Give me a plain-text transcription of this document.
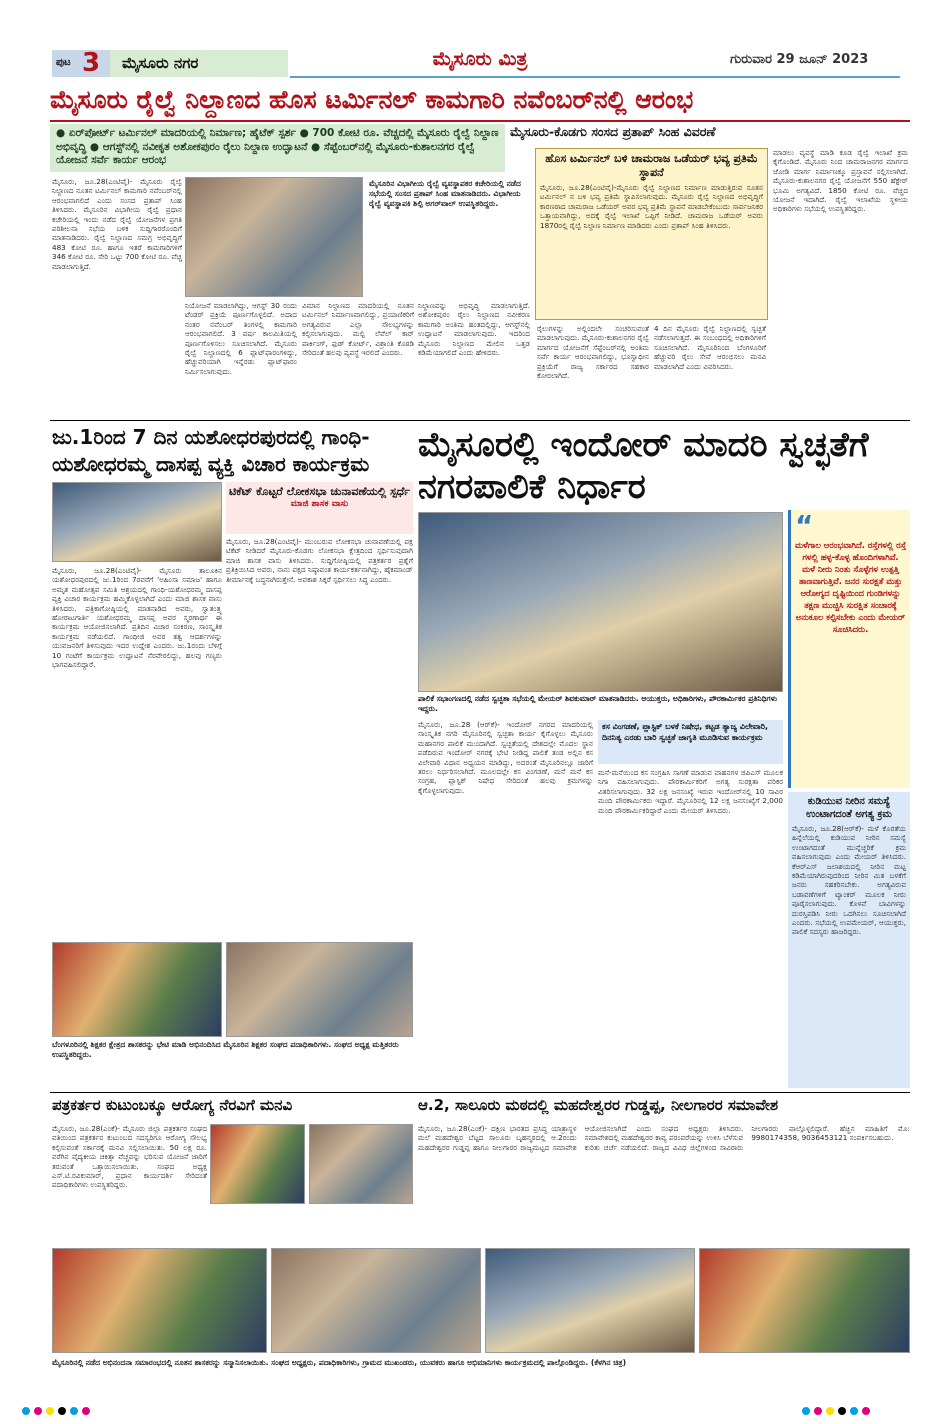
ಪುಟ 3 ಮೈಸೂರು ನಗರ	ಮೈಸೂರು ಮಿತ್ರ	ಗುರುವಾರ 29 ಜೂನ್ 2023
ಮೈಸೂರು ರೈಲ್ವೆ ನಿಲ್ದಾಣದ ಹೊಸ ಟರ್ಮಿನಲ್ ಕಾಮಗಾರಿ ನವೆಂಬರ್‌ನಲ್ಲಿ ಆರಂಭ
● ಏರ್‌ಪೋರ್ಟ್ ಟರ್ಮಿನಲ್ ಮಾದರಿಯಲ್ಲಿ ನಿರ್ಮಾಣ; ಹೈಟೆಕ್ ಸ್ಪರ್ಶ ● 700 ಕೋಟಿ ರೂ. ವೆಚ್ಚದಲ್ಲಿ ಮೈಸೂರು ರೈಲ್ವೆ ನಿಲ್ದಾಣ ಅಭಿವೃದ್ಧಿ ● ಆಗಸ್ಟ್‌ನಲ್ಲಿ ನವೀಕೃತ ಅಶೋಕಪುರಂ ರೈಲು ನಿಲ್ದಾಣ ಉದ್ಘಾಟನೆ ● ಸೆಪ್ಟೆಂಬರ್‌ನಲ್ಲಿ ಮೈಸೂರು-ಕುಶಾಲನಗರ ರೈಲ್ವೆ ಯೋಜನೆ ಸರ್ವೆ ಕಾರ್ಯ ಆರಂಭ
ಮೈಸೂರು-ಕೊಡಗು ಸಂಸದ ಪ್ರತಾಪ್ ಸಿಂಹ ವಿವರಣೆ
ಹೊಸ ಟರ್ಮಿನಲ್ ಬಳಿ ಚಾಮರಾಜ ಒಡೆಯರ್ ಭವ್ಯ ಪ್ರತಿಮೆ ಸ್ಥಾಪನೆ
ಮೈಸೂರು, ಜೂ.28(ಎಂಟಿವೈ)-ಮೈಸೂರು ರೈಲ್ವೆ ನಿಲ್ದಾಣದ ನಿರ್ಮಾಣ ಮಾಡುತ್ತಿರುವ ನೂತನ ಟರ್ಮಿನಲ್ ನ ಬಳಿ ಭವ್ಯ ಪ್ರತಿಮೆ ಸ್ಥಾಪಿಸಲಾಗುವುದು. ಮೈಸೂರು ರೈಲ್ವೆ ನಿಲ್ದಾಣದ ಅಭಿವೃದ್ಧಿಗೆ ಕಾರಣರಾದ ಚಾಮರಾಜ ಒಡೆಯರ್ ಅವರ ಭವ್ಯ ಪ್ರತಿಮೆ ಸ್ಥಾಪನೆ ಮಾಡಬೇಕೆಂಬುದು ಸಾರ್ವಜನಿಕರ ಒತ್ತಾಯವಾಗಿದ್ದು, ಅದಕ್ಕೆ ರೈಲ್ವೆ ಇಲಾಖೆ ಒಪ್ಪಿಗೆ ನೀಡಿದೆ. ಚಾಮರಾಜ ಒಡೆಯರ್ ಅವರು 1870ರಲ್ಲಿ ರೈಲ್ವೆ ನಿಲ್ದಾಣ ನಿರ್ಮಾಣ ಮಾಡಿದರು ಎಂದು ಪ್ರತಾಪ್ ಸಿಂಹ ತಿಳಿಸಿದರು.
ಮಾಡಲು ವ್ಯವಸ್ಥೆ ಮಾಡಿ ಕೂಡ ರೈಲ್ವೆ ಇಲಾಖೆ ಕ್ರಮ ಕೈಗೊಂಡಿದೆ. ಮೈಸೂರು ನಿಂದ ಚಾಮರಾಜನಗರ ಮಾರ್ಗದ ಜೋಡಿ ಮಾರ್ಗ ನಿರ್ಮಾಣಕ್ಕೂ ಪ್ರಸ್ತಾವನೆ ಸಲ್ಲಿಸಲಾಗಿದೆ. ಮೈಸೂರು-ಕುಶಾಲನಗರ ರೈಲ್ವೆ ಯೋಜನೆಗೆ 550 ಹೆಕ್ಟೇರ್ ಭೂಮಿ ಅಗತ್ಯವಿದೆ. 1850 ಕೋಟಿ ರೂ. ವೆಚ್ಚದ ಯೋಜನೆ ಇದಾಗಿದೆ. ರೈಲ್ವೆ ಇಲಾಖೆಯ ಸ್ಥಳೀಯ ಅಧಿಕಾರಿಗಳು ಸಭೆಯಲ್ಲಿ ಉಪಸ್ಥಿತರಿದ್ದರು.
ಮೈಸೂರು, ಜೂ.28(ಎಂಟಿವೈ)- ಮೈಸೂರು ರೈಲ್ವೆ ನಿಲ್ದಾಣದ ನೂತನ ಟರ್ಮಿನಲ್ ಕಾಮಗಾರಿ ನವೆಂಬರ್‌ನಲ್ಲಿ ಆರಂಭವಾಗಲಿದೆ ಎಂದು ಸಂಸದ ಪ್ರತಾಪ್ ಸಿಂಹ ತಿಳಿಸಿದರು. ಮೈಸೂರಿನ ವಿಭಾಗೀಯ ರೈಲ್ವೆ ಪ್ರಧಾನ ಕಚೇರಿಯಲ್ಲಿ ಇಂದು ನಡೆದ ರೈಲ್ವೆ ಯೋಜನೆಗಳ ಪ್ರಗತಿ ಪರಿಶೀಲನಾ ಸಭೆಯ ಬಳಿಕ ಸುದ್ದಿಗಾರರೊಂದಿಗೆ ಮಾತನಾಡಿದರು. ರೈಲ್ವೆ ನಿಲ್ದಾಣದ ಸಮಗ್ರ ಅಭಿವೃದ್ಧಿಗೆ 483 ಕೋಟಿ ರೂ. ಹಾಗೂ ಇತರೆ ಕಾಮಗಾರಿಗಳಿಗೆ 346 ಕೋಟಿ ರೂ. ಸೇರಿ ಒಟ್ಟು 700 ಕೋಟಿ ರೂ. ವೆಚ್ಚ ಮಾಡಲಾಗುತ್ತಿದೆ.
ಮೈಸೂರಿನ ವಿಭಾಗೀಯ ರೈಲ್ವೆ ವ್ಯವಸ್ಥಾಪಕರ ಕಚೇರಿಯಲ್ಲಿ ನಡೆದ ಸಭೆಯಲ್ಲಿ ಸಂಸದ ಪ್ರತಾಪ್ ಸಿಂಹ ಮಾತನಾಡಿದರು. ವಿಭಾಗೀಯ ರೈಲ್ವೆ ವ್ಯವಸ್ಥಾಪಕಿ ಶಿಲ್ಪಿ ಅಗರ್‌ವಾಲ್ ಉಪಸ್ಥಿತರಿದ್ದರು.
ನಿಯೋಜನೆ ಮಾಡಲಾಗಿದ್ದು, ಆಗಸ್ಟ್ 30 ರಂದು ಟೆಂಡರ್ ಪ್ರಕ್ರಿಯೆ ಪೂರ್ಣಗೊಳ್ಳಲಿದೆ. ಅದಾದ ನಂತರ ನವೆಂಬರ್ ತಿಂಗಳಲ್ಲಿ ಕಾಮಗಾರಿ ಆರಂಭವಾಗಲಿದೆ. 3 ವರ್ಷ ಕಾಲಮಿತಿಯಲ್ಲಿ ಪೂರ್ಣಗೊಳಿಸಲು ಸೂಚಿಸಲಾಗಿದೆ. ಮೈಸೂರು ರೈಲ್ವೆ ನಿಲ್ದಾಣದಲ್ಲಿ 6 ಪ್ಲಾಟ್‌ಫಾರಂಗಳಿದ್ದು, ಹೆಚ್ಚುವರಿಯಾಗಿ ಇನ್ನೆರಡು ಪ್ಲಾಟ್‌ಫಾರಂ ನಿರ್ಮಿಸಲಾಗುವುದು.
ವಿಮಾನ ನಿಲ್ದಾಣದ ಮಾದರಿಯಲ್ಲಿ ನೂತನ ಟರ್ಮಿನಲ್ ನಿರ್ಮಾಣವಾಗಲಿದ್ದು, ಪ್ರಯಾಣಿಕರಿಗೆ ಅಗತ್ಯವಿರುವ ಎಲ್ಲಾ ಸೌಲಭ್ಯಗಳನ್ನು ಕಲ್ಪಿಸಲಾಗುವುದು. ಮಲ್ಟಿ ಲೆವೆಲ್ ಕಾರ್ ಪಾರ್ಕಿಂಗ್, ಫುಡ್ ಕೋರ್ಟ್, ವಿಶ್ರಾಂತಿ ಕೊಠಡಿ ಸೇರಿದಂತೆ ಹಲವು ವ್ಯವಸ್ಥೆ ಇರಲಿದೆ ಎಂದರು.
ನಿಲ್ದಾಣವನ್ನು ಅಭಿವೃದ್ಧಿ ಮಾಡಲಾಗುತ್ತಿದೆ. ಅಶೋಕಪುರಂ ರೈಲು ನಿಲ್ದಾಣದ ನವೀಕರಣ ಕಾಮಗಾರಿ ಅಂತಿಮ ಹಂತದಲ್ಲಿದ್ದು, ಆಗಸ್ಟ್‌ನಲ್ಲಿ ಉದ್ಘಾಟನೆ ಮಾಡಲಾಗುವುದು. ಇದರಿಂದ ಮೈಸೂರು ನಿಲ್ದಾಣದ ಮೇಲಿನ ಒತ್ತಡ ಕಡಿಮೆಯಾಗಲಿದೆ ಎಂದು ಹೇಳಿದರು.
ರೈಲುಗಳನ್ನು ಅಲ್ಲಿಂದಲೇ ಸಂಚರಿಸುವಂತೆ ಮಾಡಲಾಗುವುದು. ಮೈಸೂರು-ಕುಶಾಲನಗರ ರೈಲ್ವೆ ಮಾರ್ಗದ ಯೋಜನೆಗೆ ಸೆಪ್ಟೆಂಬರ್‌ನಲ್ಲಿ ಅಂತಿಮ ಸರ್ವೆ ಕಾರ್ಯ ಆರಂಭವಾಗಲಿದ್ದು, ಭೂಸ್ವಾಧೀನ ಪ್ರಕ್ರಿಯೆಗೆ ರಾಜ್ಯ ಸರ್ಕಾರದ ಸಹಕಾರ ಕೋರಲಾಗಿದೆ.
4 ದಿನ ಮೈಸೂರು ರೈಲ್ವೆ ನಿಲ್ದಾಣದಲ್ಲಿ ಸ್ವಚ್ಛತೆ ನಡೆಸಲಾಗುತ್ತದೆ. ಈ ಸಂಬಂಧದಲ್ಲಿ ಅಧಿಕಾರಿಗಳಿಗೆ ಸೂಚಿಸಲಾಗಿದೆ. ಮೈಸೂರಿನಿಂದ ಬೆಂಗಳೂರಿಗೆ ಹೆಚ್ಚುವರಿ ರೈಲು ಸೇವೆ ಆರಂಭಿಸಲು ಮನವಿ ಮಾಡಲಾಗಿದೆ ಎಂದು ವಿವರಿಸಿದರು.
ಜು.1ರಿಂದ 7 ದಿನ ಯಶೋಧರಪುರದಲ್ಲಿ ಗಾಂಧಿ-ಯಶೋಧರಮ್ಮ ದಾಸಪ್ಪ ವ್ಯಕ್ತಿ ವಿಚಾರ ಕಾರ್ಯಕ್ರಮ
ಟಿಕೆಟ್ ಕೊಟ್ಟರೆ ಲೋಕಸಭಾ ಚುನಾವಣೆಯಲ್ಲಿ ಸ್ಪರ್ಧೆ
ಮಾಜಿ ಶಾಸಕ ವಾಸು
ಮೈಸೂರು, ಜೂ.28(ಎಂಟಿವೈ)- ಮುಂಬರುವ ಲೋಕಸಭಾ ಚುನಾವಣೆಯಲ್ಲಿ ಪಕ್ಷ ಟಿಕೆಟ್ ನೀಡಿದರೆ ಮೈಸೂರು-ಕೊಡಗು ಲೋಕಸಭಾ ಕ್ಷೇತ್ರದಿಂದ ಸ್ಪರ್ಧಿಸುವುದಾಗಿ ಮಾಜಿ ಶಾಸಕ ವಾಸು ತಿಳಿಸಿದರು. ಸುದ್ದಿಗೋಷ್ಠಿಯಲ್ಲಿ ಪತ್ರಕರ್ತರ ಪ್ರಶ್ನೆಗೆ ಪ್ರತಿಕ್ರಿಯಿಸಿದ ಅವರು, ನಾನು ಪಕ್ಷದ ನಿಷ್ಠಾವಂತ ಕಾರ್ಯಕರ್ತನಾಗಿದ್ದು, ಹೈಕಮಾಂಡ್ ತೀರ್ಮಾನಕ್ಕೆ ಬದ್ಧನಾಗಿರುತ್ತೇನೆ. ಅವಕಾಶ ಸಿಕ್ಕರೆ ಸ್ಪರ್ಧಿಸಲು ಸಿದ್ಧ ಎಂದರು.
ಮೈಸೂರು, ಜೂ.28(ಎಂಟಿವೈ)- ಮೈಸೂರು ತಾಲೂಕಿನ ಯಶೋಧರಪುರದಲ್ಲಿ ಜು.1ರಿಂದ 7ರವರೆಗೆ 'ಅಹಿಂಸಾ ಸಮಾಜ' ಹಾಗೂ ಅಮೃತ ಮಹೋತ್ಸವ ಸಮಿತಿ ಆಶ್ರಯದಲ್ಲಿ ಗಾಂಧಿ-ಯಶೋಧರಮ್ಮ ದಾಸಪ್ಪ ವ್ಯಕ್ತಿ ವಿಚಾರ ಕಾರ್ಯಕ್ರಮ ಹಮ್ಮಿಕೊಳ್ಳಲಾಗಿದೆ ಎಂದು ಮಾಜಿ ಶಾಸಕ ವಾಸು ತಿಳಿಸಿದರು. ಪತ್ರಿಕಾಗೋಷ್ಠಿಯಲ್ಲಿ ಮಾತನಾಡಿದ ಅವರು, ಸ್ವಾತಂತ್ರ್ಯ ಹೋರಾಟಗಾರ್ತಿ ಯಶೋಧರಮ್ಮ ದಾಸಪ್ಪ ಅವರ ಸ್ಮರಣಾರ್ಥ ಈ ಕಾರ್ಯಕ್ರಮ ಆಯೋಜಿಸಲಾಗಿದೆ. ಪ್ರತಿದಿನ ವಿಚಾರ ಸಂಕಿರಣ, ಸಾಂಸ್ಕೃತಿಕ ಕಾರ್ಯಕ್ರಮ ನಡೆಯಲಿದೆ. ಗಾಂಧೀಜಿ ಅವರ ತತ್ವ ಆದರ್ಶಗಳನ್ನು ಯುವಜನರಿಗೆ ತಿಳಿಸುವುದು ಇದರ ಉದ್ದೇಶ ಎಂದರು. ಜು.1ರಂದು ಬೆಳಿಗ್ಗೆ 10 ಗಂಟೆಗೆ ಕಾರ್ಯಕ್ರಮ ಉದ್ಘಾಟನೆ ನೆರವೇರಲಿದ್ದು, ಹಲವು ಗಣ್ಯರು ಭಾಗವಹಿಸಲಿದ್ದಾರೆ.
ಬೆಂಗಳೂರಿನಲ್ಲಿ ಶಿಕ್ಷಕರ ಕ್ಷೇತ್ರದ ಶಾಸಕರನ್ನು ಭೇಟಿ ಮಾಡಿ ಅಭಿನಂದಿಸಿದ ಮೈಸೂರಿನ ಶಿಕ್ಷಕರ ಸಂಘದ ಪದಾಧಿಕಾರಿಗಳು. ಸಂಘದ ಅಧ್ಯಕ್ಷ ಮತ್ತಿತರರು ಉಪಸ್ಥಿತರಿದ್ದರು.
ಮೈಸೂರಲ್ಲಿ ಇಂದೋರ್ ಮಾದರಿ ಸ್ವಚ್ಛತೆಗೆ ನಗರಪಾಲಿಕೆ ನಿರ್ಧಾರ
ಪಾಲಿಕೆ ಸಭಾಂಗಣದಲ್ಲಿ ನಡೆದ ಸ್ವಚ್ಛತಾ ಸಭೆಯಲ್ಲಿ ಮೇಯರ್ ಶಿವಕುಮಾರ್ ಮಾತನಾಡಿದರು. ಆಯುಕ್ತರು, ಅಧಿಕಾರಿಗಳು, ಪೌರಕಾರ್ಮಿಕರ ಪ್ರತಿನಿಧಿಗಳು ಇದ್ದರು.
“
ಮಳೆಗಾಲ ಆರಂಭವಾಗಿದೆ. ರಸ್ತೆಗಳಲ್ಲಿ ರಸ್ತೆ ಗಳಲ್ಲಿ ಹಳ್ಳ-ಕೊಳ್ಳ ಹೊಂದಿಗಳಾಗಿವೆ. ಮಳೆ ನೀರು ನಿಂತು ಸೊಳ್ಳೆಗಳ ಉತ್ಪತ್ತಿ ತಾಣವಾಗುತ್ತಿವೆ. ಜನರ ಸುರಕ್ಷತೆ ಮತ್ತು ಆರೋಗ್ಯದ ದೃಷ್ಟಿಯಿಂದ ಗುಂಡಿಗಳನ್ನು ತಕ್ಷಣ ಮುಚ್ಚಿಸಿ ಸುರಕ್ಷಿತ ಸಂಚಾರಕ್ಕೆ ಅನುಕೂಲ ಕಲ್ಪಿಸಬೇಕು ಎಂದು ಮೇಯರ್ ಸೂಚಿಸಿದರು.
ಮೈಸೂರು, ಜೂ.28 (ಆರ್‌ಕೆ)- ಇಂದೋರ್ ನಗರದ ಮಾದರಿಯಲ್ಲಿ ಸಾಂಸ್ಕೃತಿಕ ನಗರಿ ಮೈಸೂರಿನಲ್ಲಿ ಸ್ವಚ್ಛತಾ ಕಾರ್ಯ ಕೈಗೊಳ್ಳಲು ಮೈಸೂರು ಮಹಾನಗರ ಪಾಲಿಕೆ ಮುಂದಾಗಿದೆ. ಸ್ವಚ್ಛತೆಯಲ್ಲಿ ದೇಶದಲ್ಲೇ ಮೊದಲ ಸ್ಥಾನ ಪಡೆದಿರುವ ಇಂದೋರ್ ನಗರಕ್ಕೆ ಭೇಟಿ ನೀಡಿದ್ದ ಪಾಲಿಕೆ ತಂಡ ಅಲ್ಲಿನ ಕಸ ವಿಲೇವಾರಿ ವಿಧಾನ ಅಧ್ಯಯನ ಮಾಡಿದ್ದು, ಅದರಂತೆ ಮೈಸೂರಿನಲ್ಲೂ ಜಾರಿಗೆ ತರಲು ನಿರ್ಧರಿಸಲಾಗಿದೆ. ಮೂಲದಲ್ಲೇ ಕಸ ವಿಂಗಡಣೆ, ಮನೆ ಮನೆ ಕಸ ಸಂಗ್ರಹ, ಪ್ಲಾಸ್ಟಿಕ್ ನಿಷೇಧ ಸೇರಿದಂತೆ ಹಲವು ಕ್ರಮಗಳನ್ನು ಕೈಗೊಳ್ಳಲಾಗುವುದು.
ಕಸ ವಿಂಗಡಣೆ, ಪ್ಲಾಸ್ಟಿಕ್ ಬಳಕೆ ನಿಷೇಧ, ಕಟ್ಟಡ ತ್ಯಾಜ್ಯ ವಿಲೇವಾರಿ, ದಿನನಿತ್ಯ ಎರಡು ಬಾರಿ ಸ್ವಚ್ಛತೆ ಜಾಗೃತಿ ಮೂಡಿಸುವ ಕಾರ್ಯಕ್ರಮ
ಮನೆ-ಮನೆಯಿಂದ ಕಸ ಸಂಗ್ರಹಿಸಿ ಸಾಗಣೆ ಮಾಡುವ ವಾಹನಗಳ ಜಿಪಿಎಸ್ ಮೂಲಕ ನಿಗಾ ವಹಿಸಲಾಗುವುದು. ಪೌರಕಾರ್ಮಿಕರಿಗೆ ಅಗತ್ಯ ಸುರಕ್ಷತಾ ಪರಿಕರ ವಿತರಿಸಲಾಗುವುದು. 32 ಲಕ್ಷ ಜನಸಂಖ್ಯೆ ಇರುವ ಇಂದೋರ್‌ನಲ್ಲಿ 10 ಸಾವಿರ ಮಂದಿ ಪೌರಕಾರ್ಮಿಕರು ಇದ್ದಾರೆ. ಮೈಸೂರಿನಲ್ಲಿ 12 ಲಕ್ಷ ಜನಸಂಖ್ಯೆಗೆ 2,000 ಮಂದಿ ಪೌರಕಾರ್ಮಿಕರಿದ್ದಾರೆ ಎಂದು ಮೇಯರ್ ತಿಳಿಸಿದರು.
ಕುಡಿಯುವ ನೀರಿನ ಸಮಸ್ಯೆ ಉಂಟಾಗದಂತೆ ಅಗತ್ಯ ಕ್ರಮ
ಮೈಸೂರು, ಜೂ.28(ಆರ್‌ಕೆ)- ಮಳೆ ಕೊರತೆಯ ಹಿನ್ನೆಲೆಯಲ್ಲಿ ಕುಡಿಯುವ ನೀರಿನ ಸಮಸ್ಯೆ ಉಂಟಾಗದಂತೆ ಮುನ್ನೆಚ್ಚರಿಕೆ ಕ್ರಮ ವಹಿಸಲಾಗುವುದು ಎಂದು ಮೇಯರ್ ತಿಳಿಸಿದರು. ಕೆಆರ್‌ಎಸ್ ಜಲಾಶಯದಲ್ಲಿ ನೀರಿನ ಮಟ್ಟ ಕಡಿಮೆಯಾಗಿರುವುದರಿಂದ ನೀರಿನ ಮಿತ ಬಳಕೆಗೆ ಜನರು ಸಹಕರಿಸಬೇಕು. ಅಗತ್ಯವಿರುವ ಬಡಾವಣೆಗಳಿಗೆ ಟ್ಯಾಂಕರ್ ಮೂಲಕ ನೀರು ಪೂರೈಸಲಾಗುವುದು. ಕೊಳವೆ ಬಾವಿಗಳನ್ನು ದುರಸ್ತಿಪಡಿಸಿ ನೀರು ಒದಗಿಸಲು ಸೂಚಿಸಲಾಗಿದೆ ಎಂದರು. ಸಭೆಯಲ್ಲಿ ಉಪಮೇಯರ್, ಆಯುಕ್ತರು, ಪಾಲಿಕೆ ಸದಸ್ಯರು ಹಾಜರಿದ್ದರು.
ಪತ್ರಕರ್ತರ ಕುಟುಂಬಕ್ಕೂ ಆರೋಗ್ಯ ನೆರವಿಗೆ ಮನವಿ
ಮೈಸೂರು, ಜೂ.28(ಎಂಕೆ)- ಮೈಸೂರು ಜಿಲ್ಲಾ ಪತ್ರಕರ್ತರ ಸಂಘದ ವತಿಯಿಂದ ಪತ್ರಕರ್ತರ ಕುಟುಂಬದ ಸದಸ್ಯರಿಗೂ ಆರೋಗ್ಯ ಸೌಲಭ್ಯ ಕಲ್ಪಿಸುವಂತೆ ಸರ್ಕಾರಕ್ಕೆ ಮನವಿ ಸಲ್ಲಿಸಲಾಯಿತು. 50 ಲಕ್ಷ ರೂ. ವರೆಗಿನ ವೈದ್ಯಕೀಯ ಚಿಕಿತ್ಸಾ ವೆಚ್ಚವನ್ನು ಭರಿಸುವ ಯೋಜನೆ ಜಾರಿಗೆ ತರುವಂತೆ ಒತ್ತಾಯಿಸಲಾಯಿತು. ಸಂಘದ ಅಧ್ಯಕ್ಷ ಎಸ್.ಟಿ.ರವಿಕುಮಾರ್, ಪ್ರಧಾನ ಕಾರ್ಯದರ್ಶಿ ಸೇರಿದಂತೆ ಪದಾಧಿಕಾರಿಗಳು ಉಪಸ್ಥಿತರಿದ್ದರು.
ಆ.2, ಸಾಲೂರು ಮಠದಲ್ಲಿ ಮಹದೇಶ್ವರರ ಗುಡ್ಡಪ್ಪ, ನೀಲಗಾರರ ಸಮಾವೇಶ
ಮೈಸೂರು, ಜೂ.28(ಎಂಕೆ)- ದಕ್ಷಿಣ ಭಾರತದ ಪ್ರಸಿದ್ಧ ಯಾತ್ರಾಸ್ಥಳ ಮಲೆ ಮಹದೇಶ್ವರ ಬೆಟ್ಟದ ಸಾಲೂರು ಬೃಹನ್ಮಠದಲ್ಲಿ ಆ.2ರಂದು ಮಹದೇಶ್ವರರ ಗುಡ್ಡಪ್ಪ ಹಾಗೂ ನೀಲಗಾರರ ರಾಜ್ಯಮಟ್ಟದ ಸಮಾವೇಶ ಆಯೋಜಿಸಲಾಗಿದೆ ಎಂದು ಸಂಘದ ಅಧ್ಯಕ್ಷರು ತಿಳಿಸಿದರು. ಸಮಾವೇಶದಲ್ಲಿ ಮಹದೇಶ್ವರರ ಕಾವ್ಯ ಪರಂಪರೆಯನ್ನು ಉಳಿಸಿ ಬೆಳೆಸುವ ಕುರಿತು ಚರ್ಚೆ ನಡೆಯಲಿದೆ. ರಾಜ್ಯದ ವಿವಿಧ ಜಿಲ್ಲೆಗಳಿಂದ ಸಾವಿರಾರು ನೀಲಗಾರರು ಪಾಲ್ಗೊಳ್ಳಲಿದ್ದಾರೆ. ಹೆಚ್ಚಿನ ಮಾಹಿತಿಗೆ ಮೊ: 9980174358, 9036453121 ಸಂಪರ್ಕಿಸಬಹುದು.
ಮೈಸೂರಿನಲ್ಲಿ ನಡೆದ ಅಭಿನಂದನಾ ಸಮಾರಂಭದಲ್ಲಿ ನೂತನ ಶಾಸಕರನ್ನು ಸನ್ಮಾನಿಸಲಾಯಿತು. ಸಂಘದ ಅಧ್ಯಕ್ಷರು, ಪದಾಧಿಕಾರಿಗಳು, ಗ್ರಾಮದ ಮುಖಂಡರು, ಯುವಕರು ಹಾಗೂ ಅಭಿಮಾನಿಗಳು ಕಾರ್ಯಕ್ರಮದಲ್ಲಿ ಪಾಲ್ಗೊಂಡಿದ್ದರು. (ಕೆಳಗಿನ ಚಿತ್ರ)
